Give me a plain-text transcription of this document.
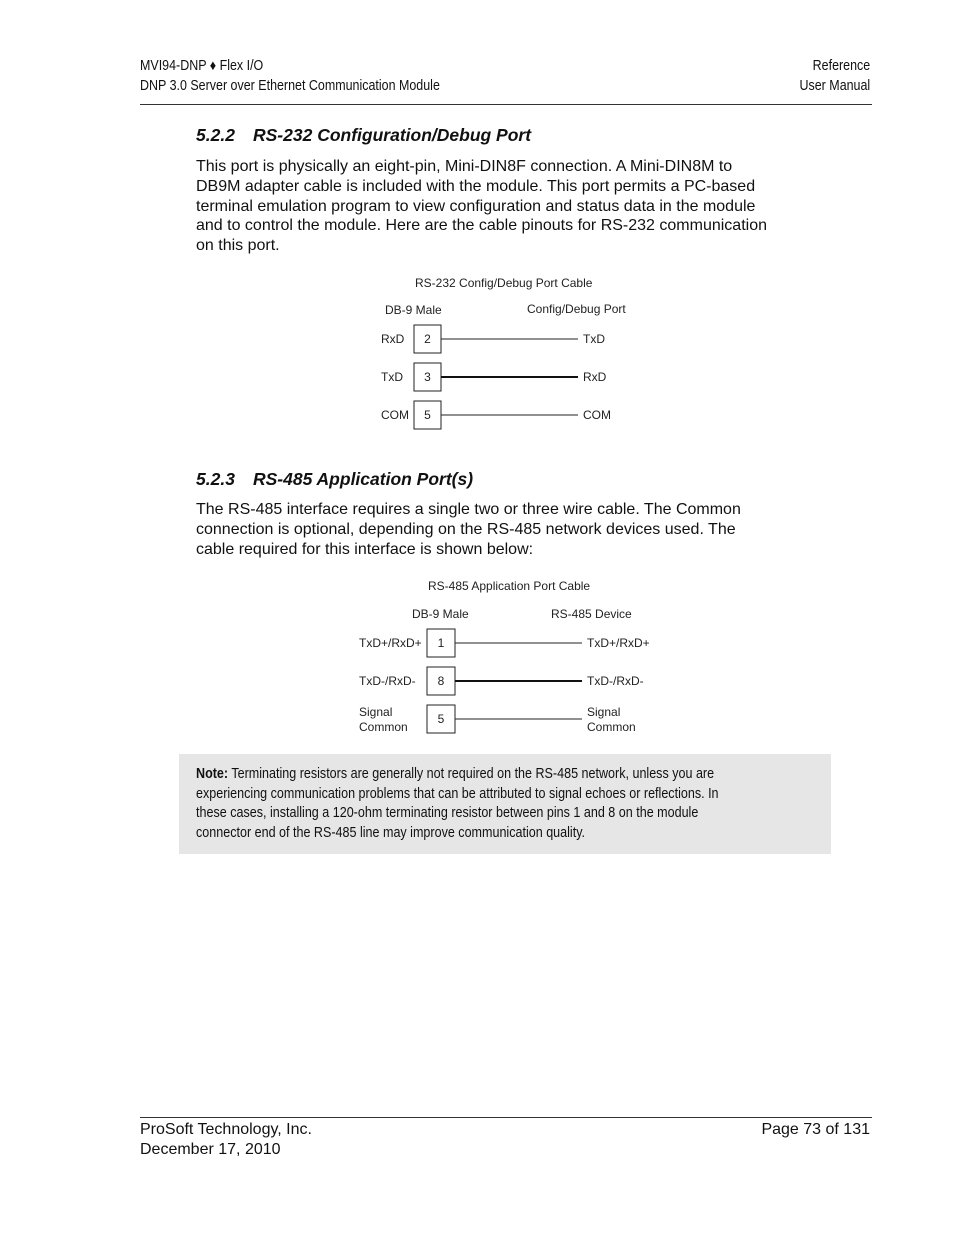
MVI94-DNP ♦ Flex I/O
DNP 3.0 Server over Ethernet Communication Module
Reference
User Manual
5.2.2 RS-232 Configuration/Debug Port

This port is physically an eight-pin, Mini-DIN8F connection. A Mini-DIN8M to
DB9M adapter cable is included with the module. This port permits a PC-based
terminal emulation program to view configuration and status data in the module
and to control the module. Here are the cable pinouts for RS-232 communication
on this port.

RS-232 Config/Debug Port Cable
DB-9 Male	Config/Debug Port
RxD 2	TxD
TxD 3	RxD
COM 5	COM
RS-485 Application Port Cable
DB-9 Male	RS-485 Device
TxD+/RxD+ 1	TxD+/RxD+
TxD-/RxD- 8	TxD-/RxD-
Signal
Common
5	Signal
Common
5.2.3 RS-485 Application Port(s)

The RS-485 interface requires a single two or three wire cable. The Common
connection is optional, depending on the RS-485 network devices used. The
cable required for this interface is shown below:

Note: Terminating resistors are generally not required on the RS-485 network, unless you are
experiencing communication problems that can be attributed to signal echoes or reflections. In
these cases, installing a 120-ohm terminating resistor between pins 1 and 8 on the module
connector end of the RS-485 line may improve communication quality.

ProSoft Technology, Inc.
December 17, 2010
Page 73 of 131
